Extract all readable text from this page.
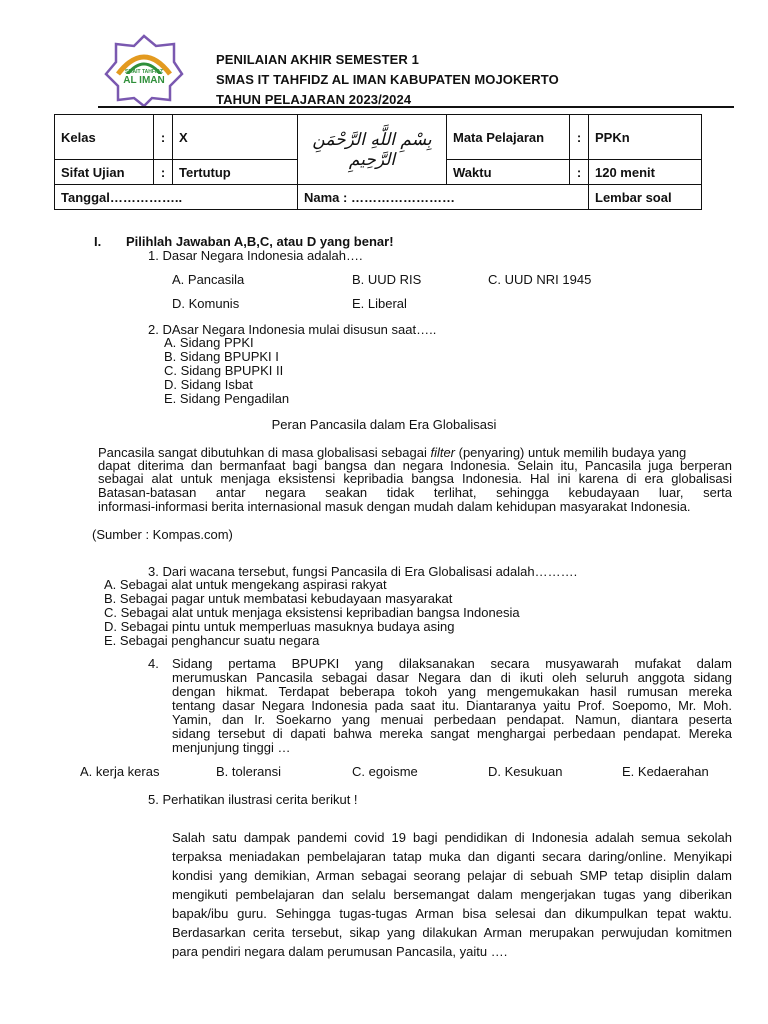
SMAIT TAHFIDZ
AL IMAN
PENILAIAN AKHIR SEMESTER 1
SMAS IT TAHFIDZ AL IMAN KABUPATEN MOJOKERTO
TAHUN PELAJARAN 2023/2024
Kelas	:	X	بِسْمِ اللَّهِ الرَّحْمَنِ الرَّحِيمِ	Mata Pelajaran	:	PPKn
Sifat Ujian	:	Tertutup		Waktu	:	120 menit
Tanggal……………..			Nama : ……………………			Lembar soal
I. Pilihlah Jawaban A,B,C, atau D yang benar!
1. Dasar Negara Indonesia adalah….
A. Pancasila	B. UUD RIS	C. UUD NRI 1945
D. Komunis	E. Liberal
2. DAsar Negara Indonesia mulai disusun saat…..
A. Sidang PPKI
B. Sidang BPUPKI I
C. Sidang BPUPKI II
D. Sidang Isbat
E. Sidang Pengadilan
Peran Pancasila dalam Era Globalisasi
Pancasila sangat dibutuhkan di masa globalisasi sebagai filter (penyaring) untuk memilih budaya yang
dapat diterima dan bermanfaat bagi bangsa dan negara Indonesia. Selain itu, Pancasila juga berperan
sebagai alat untuk menjaga eksistensi kepribadia bangsa Indonesia. Hal ini karena di era globalisasi
Batasan-batasan antar negara seakan tidak terlihat, sehingga kebudayaan luar, serta
informasi-informasi berita internasional masuk dengan mudah dalam kehidupan masyarakat Indonesia.
(Sumber : Kompas.com)
3. Dari wacana tersebut, fungsi Pancasila di Era Globalisasi adalah……….
A. Sebagai alat untuk mengekang aspirasi rakyat
B. Sebagai pagar untuk membatasi kebudayaan masyarakat
C. Sebagai alat untuk menjaga eksistensi kepribadian bangsa Indonesia
D. Sebagai pintu untuk memperluas masuknya budaya asing
E. Sebagai penghancur suatu negara
4. Sidang pertama BPUPKI yang dilaksanakan secara musyawarah mufakat dalam
merumuskan Pancasila sebagai dasar Negara dan di ikuti oleh seluruh anggota sidang
dengan hikmat. Terdapat beberapa tokoh yang mengemukakan hasil rumusan mereka
tentang dasar Negara Indonesia pada saat itu. Diantaranya yaitu Prof. Soepomo, Mr. Moh.
Yamin, dan Ir. Soekarno yang menuai perbedaan pendapat. Namun, diantara peserta
sidang tersebut di dapati bahwa mereka sangat menghargai perbedaan pendapat. Mereka
menjunjung tinggi …
A. kerja keras	B. toleransi	C. egoisme	D. Kesukuan	E. Kedaerahan
5. Perhatikan ilustrasi cerita berikut !
Salah satu dampak pandemi covid 19 bagi pendidikan di Indonesia adalah semua sekolah
terpaksa meniadakan pembelajaran tatap muka dan diganti secara daring/online. Menyikapi
kondisi yang demikian, Arman sebagai seorang pelajar di sebuah SMP tetap disiplin dalam
mengikuti pembelajaran dan selalu bersemangat dalam mengerjakan tugas yang diberikan
bapak/ibu guru. Sehingga tugas-tugas Arman bisa selesai dan dikumpulkan tepat waktu.
Berdasarkan cerita tersebut, sikap yang dilakukan Arman merupakan perwujudan komitmen
para pendiri negara dalam perumusan Pancasila, yaitu ….
